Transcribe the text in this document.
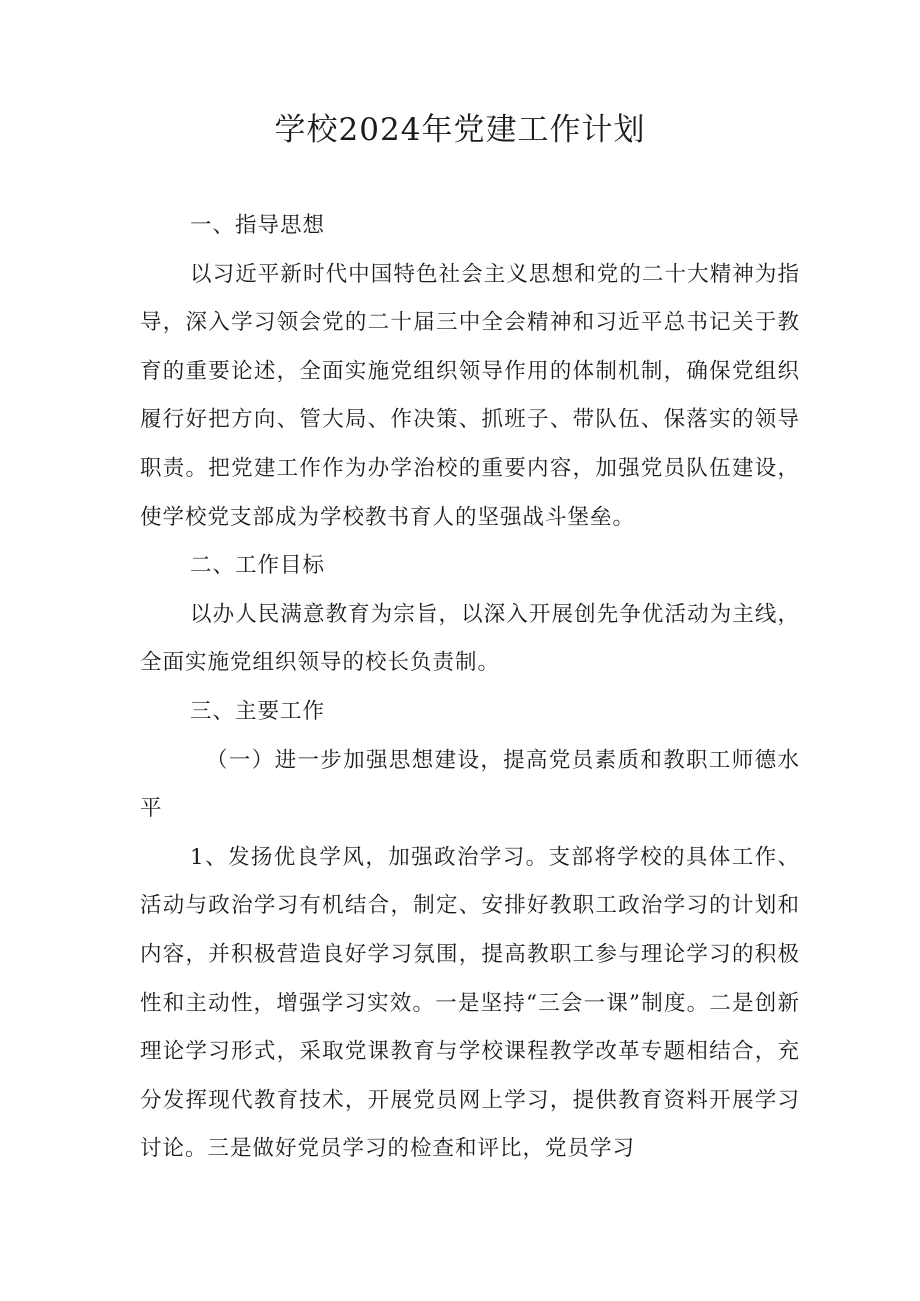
学校2024年党建工作计划

一、指导思想

以习近平新时代中国特色社会主义思想和党的二十大精神为指导，深入学习领会党的二十届三中全会精神和习近平总书记关于教育的重要论述，全面实施党组织领导作用的体制机制，确保党组织履行好把方向、管大局、作决策、抓班子、带队伍、保落实的领导职责。把党建工作作为办学治校的重要内容，加强党员队伍建设，使学校党支部成为学校教书育人的坚强战斗堡垒。

二、工作目标

以办人民满意教育为宗旨，以深入开展创先争优活动为主线，全面实施党组织领导的校长负责制。

三、主要工作

（一）进一步加强思想建设，提高党员素质和教职工师德水平

1、发扬优良学风，加强政治学习。支部将学校的具体工作、活动与政治学习有机结合，制定、安排好教职工政治学习的计划和内容，并积极营造良好学习氛围，提高教职工参与理论学习的积极性和主动性，增强学习实效。一是坚持“三会一课”制度。二是创新理论学习形式，采取党课教育与学校课程教学改革专题相结合，充分发挥现代教育技术，开展党员网上学习，提供教育资料开展学习讨论。三是做好党员学习的检查和评比，党员学习
